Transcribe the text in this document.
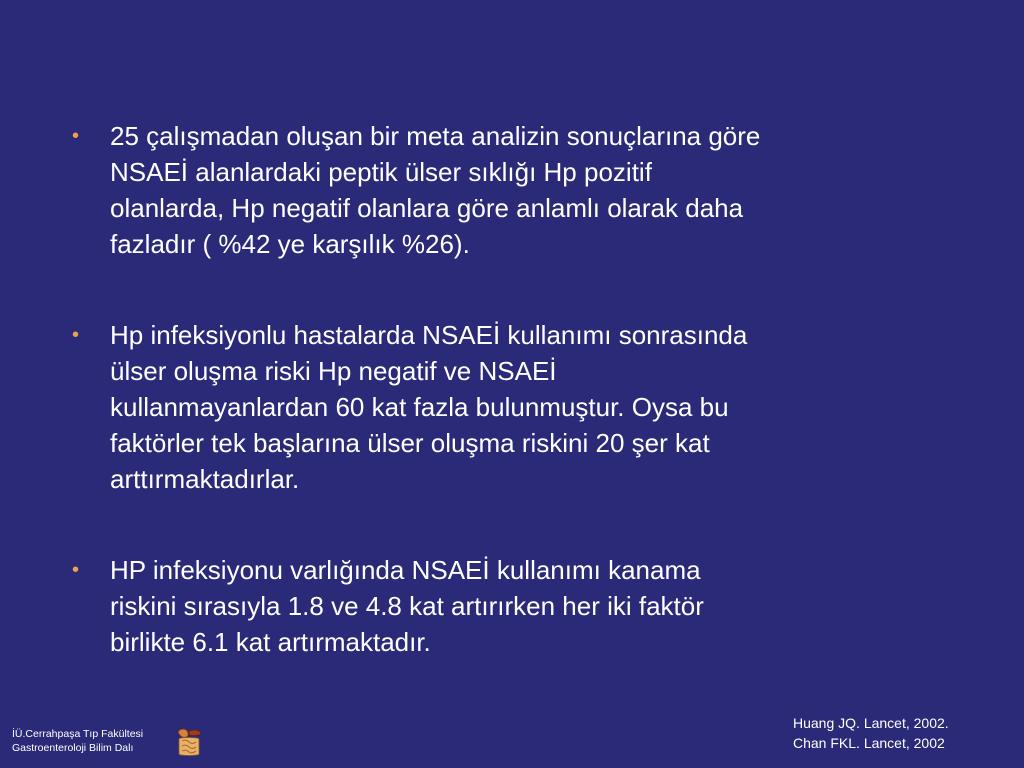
• 25 çalışmadan oluşan bir meta analizin sonuçlarına göre
NSAEİ alanlardaki peptik ülser sıklığı Hp pozitif
olanlarda, Hp negatif olanlara göre anlamlı olarak daha
fazladır ( %42 ye karşılık %26).
• Hp infeksiyonlu hastalarda NSAEİ kullanımı sonrasında
ülser oluşma riski Hp negatif ve NSAEİ
kullanmayanlardan 60 kat fazla bulunmuştur. Oysa bu
faktörler tek başlarına ülser oluşma riskini 20 şer kat
arttırmaktadırlar.
• HP infeksiyonu varlığında NSAEİ kullanımı kanama
riskini sırasıyla 1.8 ve 4.8 kat artırırken her iki faktör
birlikte 6.1 kat artırmaktadır.
Huang JQ. Lancet, 2002.
Chan FKL. Lancet, 2002
İÜ.Cerrahpaşa Tıp Fakültesi
Gastroenteroloji Bilim Dalı
